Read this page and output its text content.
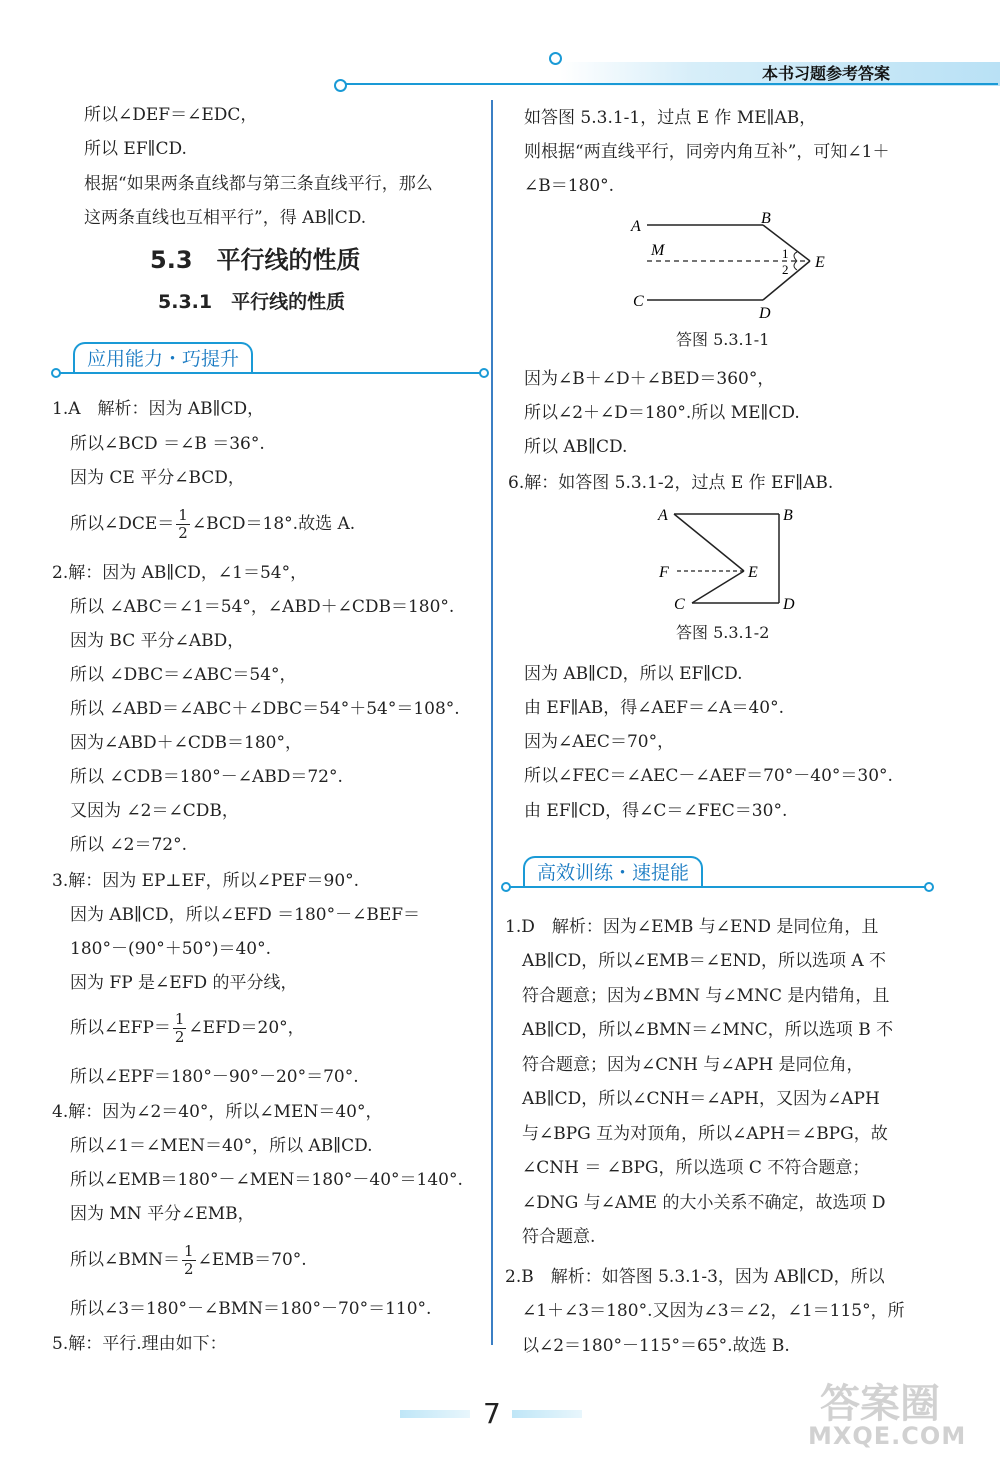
本书习题参考答案
所以∠DEF＝∠EDC，
所以 EF∥CD.
根据“如果两条直线都与第三条直线平行，那么
这两条直线也互相平行”，得 AB∥CD.
5.3　平行线的性质
5.3.1　平行线的性质
应用能力・巧提升
1.A　解析：因为 AB∥CD，
所以∠BCD ＝∠B ＝36°.
因为 CE 平分∠BCD，
所以∠DCE＝ $\frac{1}{2}$ ∠BCD＝18°.故选 A.
2.解：因为 AB∥CD，∠1＝54°，
所以 ∠ABC＝∠1＝54°，∠ABD＋∠CDB＝180°.
因为 BC 平分∠ABD，
所以 ∠DBC＝∠ABC＝54°，
所以 ∠ABD＝∠ABC＋∠DBC＝54°＋54°＝108°.
因为∠ABD＋∠CDB＝180°，
所以 ∠CDB＝180°－∠ABD＝72°.
又因为 ∠2＝∠CDB，
所以 ∠2＝72°.
3.解：因为 EP⊥EF，所以∠PEF＝90°.
因为 AB∥CD，所以∠EFD ＝180°－∠BEF＝
180°－(90°＋50°)＝40°.
因为 FP 是∠EFD 的平分线，
所以∠EFP＝ $\frac{1}{2}$ ∠EFD＝20°，
所以∠EPF＝180°－90°－20°＝70°.
4.解：因为∠2＝40°，所以∠MEN＝40°，
所以∠1＝∠MEN＝40°，所以 AB∥CD.
所以∠EMB＝180°－∠MEN＝180°－40°＝140°.
因为 MN 平分∠EMB，
所以∠BMN＝ $\frac{1}{2}$ ∠EMB＝70°.
所以∠3＝180°－∠BMN＝180°－70°＝110°.
5.解：平行.理由如下：
如答图 5.3.1-1，过点 E 作 ME∥AB，
则根据“两直线平行，同旁内角互补”，可知∠1＋
∠B＝180°.
A	B
M	1
2 E
C
D
答图 5.3.1-1
因为∠B＋∠D＋∠BED＝360°，
所以∠2＋∠D＝180°.所以 ME∥CD.
所以 AB∥CD.
6.解：如答图 5.3.1-2，过点 E 作 EF∥AB.
A	B
F	E
C	D
答图 5.3.1-2
因为 AB∥CD，所以 EF∥CD.
由 EF∥AB，得∠AEF＝∠A＝40°.
因为∠AEC＝70°，
所以∠FEC＝∠AEC－∠AEF＝70°－40°＝30°.
由 EF∥CD，得∠C＝∠FEC＝30°.
高效训练・速提能
1.D　解析：因为∠EMB 与∠END 是同位角，且
AB∥CD，所以∠EMB＝∠END，所以选项 A 不
符合题意；因为∠BMN 与∠MNC 是内错角，且
AB∥CD，所以∠BMN＝∠MNC，所以选项 B 不
符合题意；因为∠CNH 与∠APH 是同位角，
AB∥CD，所以∠CNH＝∠APH，又因为∠APH
与∠BPG 互为对顶角，所以∠APH＝∠BPG，故
∠CNH ＝ ∠BPG，所以选项 C 不符合题意；
∠DNG 与∠AME 的大小关系不确定，故选项 D
符合题意.
2.B　解析：如答图 5.3.1-3，因为 AB∥CD，所以
∠1＋∠3＝180°.又因为∠3＝∠2，∠1＝115°，所
以∠2＝180°－115°＝65°.故选 B.
7	答案圈
MXQE.COM
